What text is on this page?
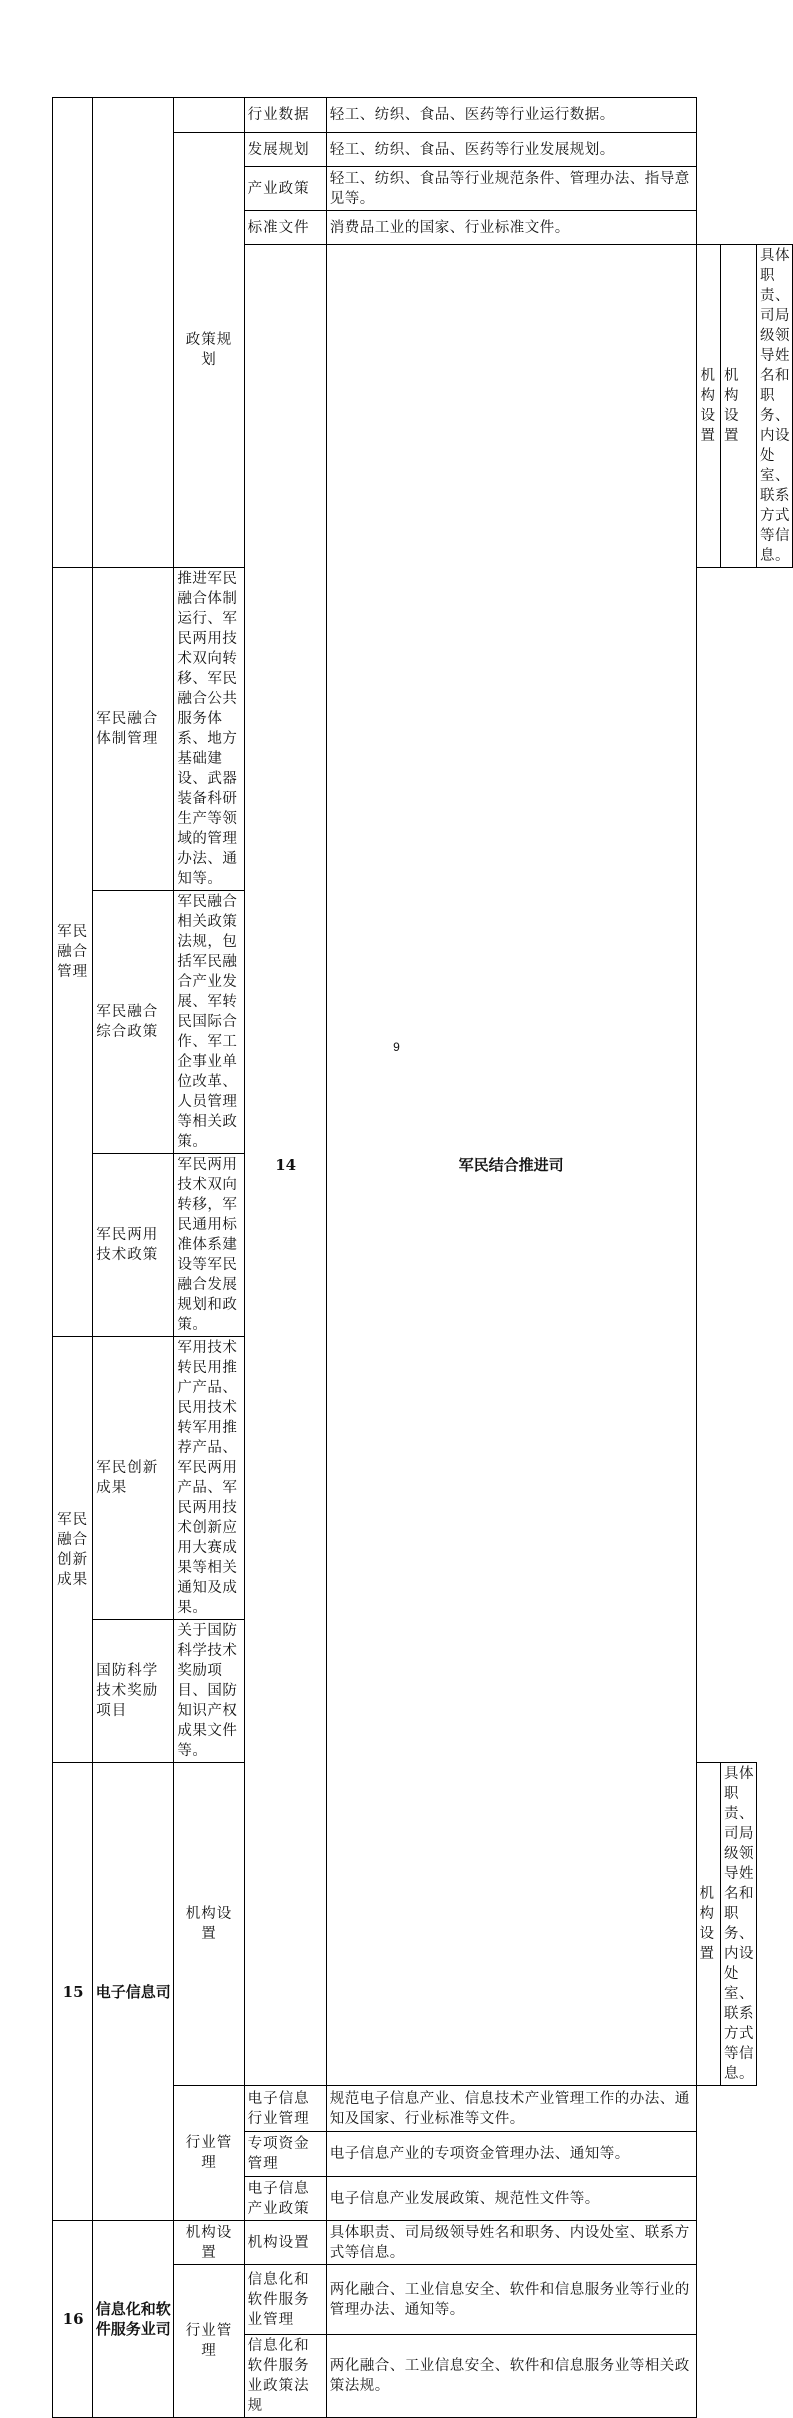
			行业数据	轻工、纺织、食品、医药等行业运行数据。			
		政策规划	发展规划	轻工、纺织、食品、医药等行业发展规划。			
			产业政策	轻工、纺织、食品等行业规范条件、管理办法、指导意见等。			
			标准文件	消费品工业的国家、行业标准文件。			
			14	军民结合推进司	机构设置	机构设置	具体职责、司局级领导姓名和职务、内设处室、联系方式等信息。
军民融合管理	军民融合体制管理	推进军民融合体制运行、军民两用技术双向转移、军民融合公共服务体系、地方基础建设、武器装备科研生产等领域的管理办法、通知等。					
	军民融合综合政策	军民融合相关政策法规，包括军民融合产业发展、军转民国际合作、军工企事业单位改革、人员管理等相关政策。					
	军民两用技术政策	军民两用技术双向转移，军民通用标准体系建设等军民融合发展规划和政策。					
军民融合创新成果	军民创新成果	军用技术转民用推广产品、民用技术转军用推荐产品、军民两用产品、军民两用技术创新应用大赛成果等相关通知及成果。					
	国防科学技术奖励项目	关于国防科学技术奖励项目、国防知识产权成果文件等。					
15	电子信息司	机构设置			机构设置	具体职责、司局级领导姓名和职务、内设处室、联系方式等信息。	
		行业管理	电子信息行业管理	规范电子信息产业、信息技术产业管理工作的办法、通知及国家、行业标准等文件。			
			专项资金管理	电子信息产业的专项资金管理办法、通知等。			
			电子信息产业政策	电子信息产业发展政策、规范性文件等。			
16	信息化和软件服务业司	机构设置	机构设置	具体职责、司局级领导姓名和职务、内设处室、联系方式等信息。			
		行业管理	信息化和软件服务业管理	两化融合、工业信息安全、软件和信息服务业等行业的管理办法、通知等。			
			信息化和软件服务业政策法规	两化融合、工业信息安全、软件和信息服务业等相关政策法规。			
9
